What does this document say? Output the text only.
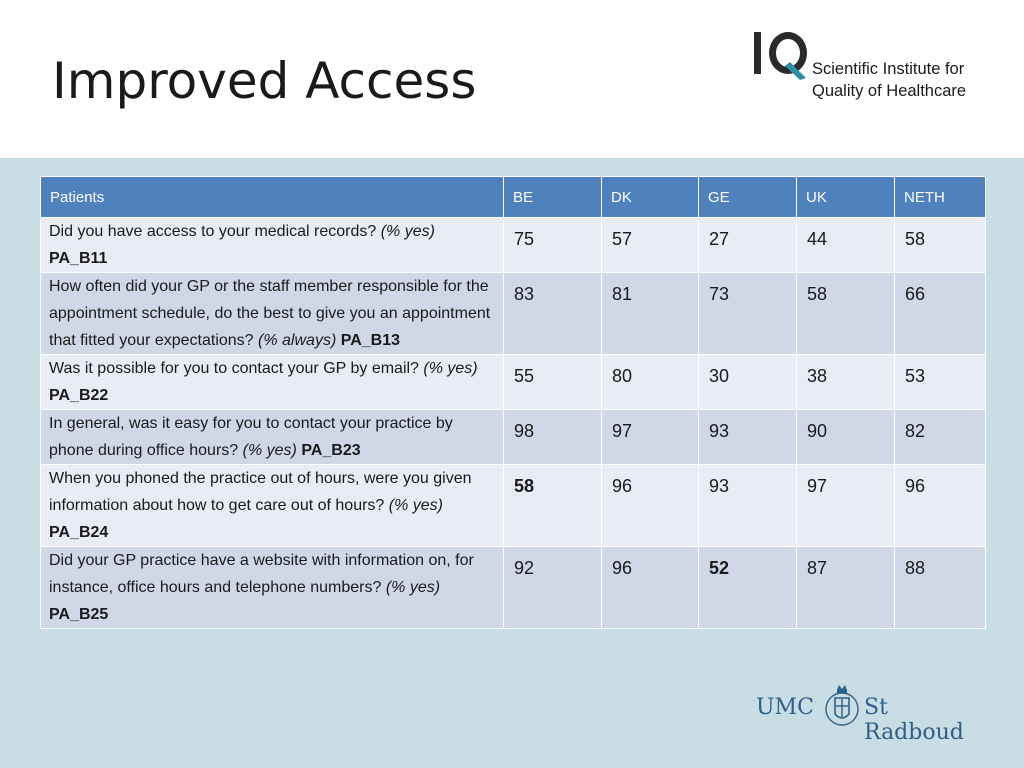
Improved Access	Scientific Institute for
Quality of Healthcare
Patients	BE	DK	GE	UK	NETH
Did you have access to your medical records? (% yes) PA_B11	75	57	27	44	58
How often did your GP or the staff member responsible for the appointment schedule, do the best to give you an appointment that fitted your expectations? (% always) PA_B13	83	81	73	58	66
Was it possible for you to contact your GP by email? (% yes) PA_B22	55	80	30	38	53
In general, was it easy for you to contact your practice by phone during office hours? (% yes) PA_B23	98	97	93	90	82
When you phoned the practice out of hours, were you given information about how to get care out of hours? (% yes) PA_B24	58	96	93	97	96
Did your GP practice have a website with information on, for instance, office hours and telephone numbers? (% yes) PA_B25	92	96	52	87	88
UMC St Radboud
